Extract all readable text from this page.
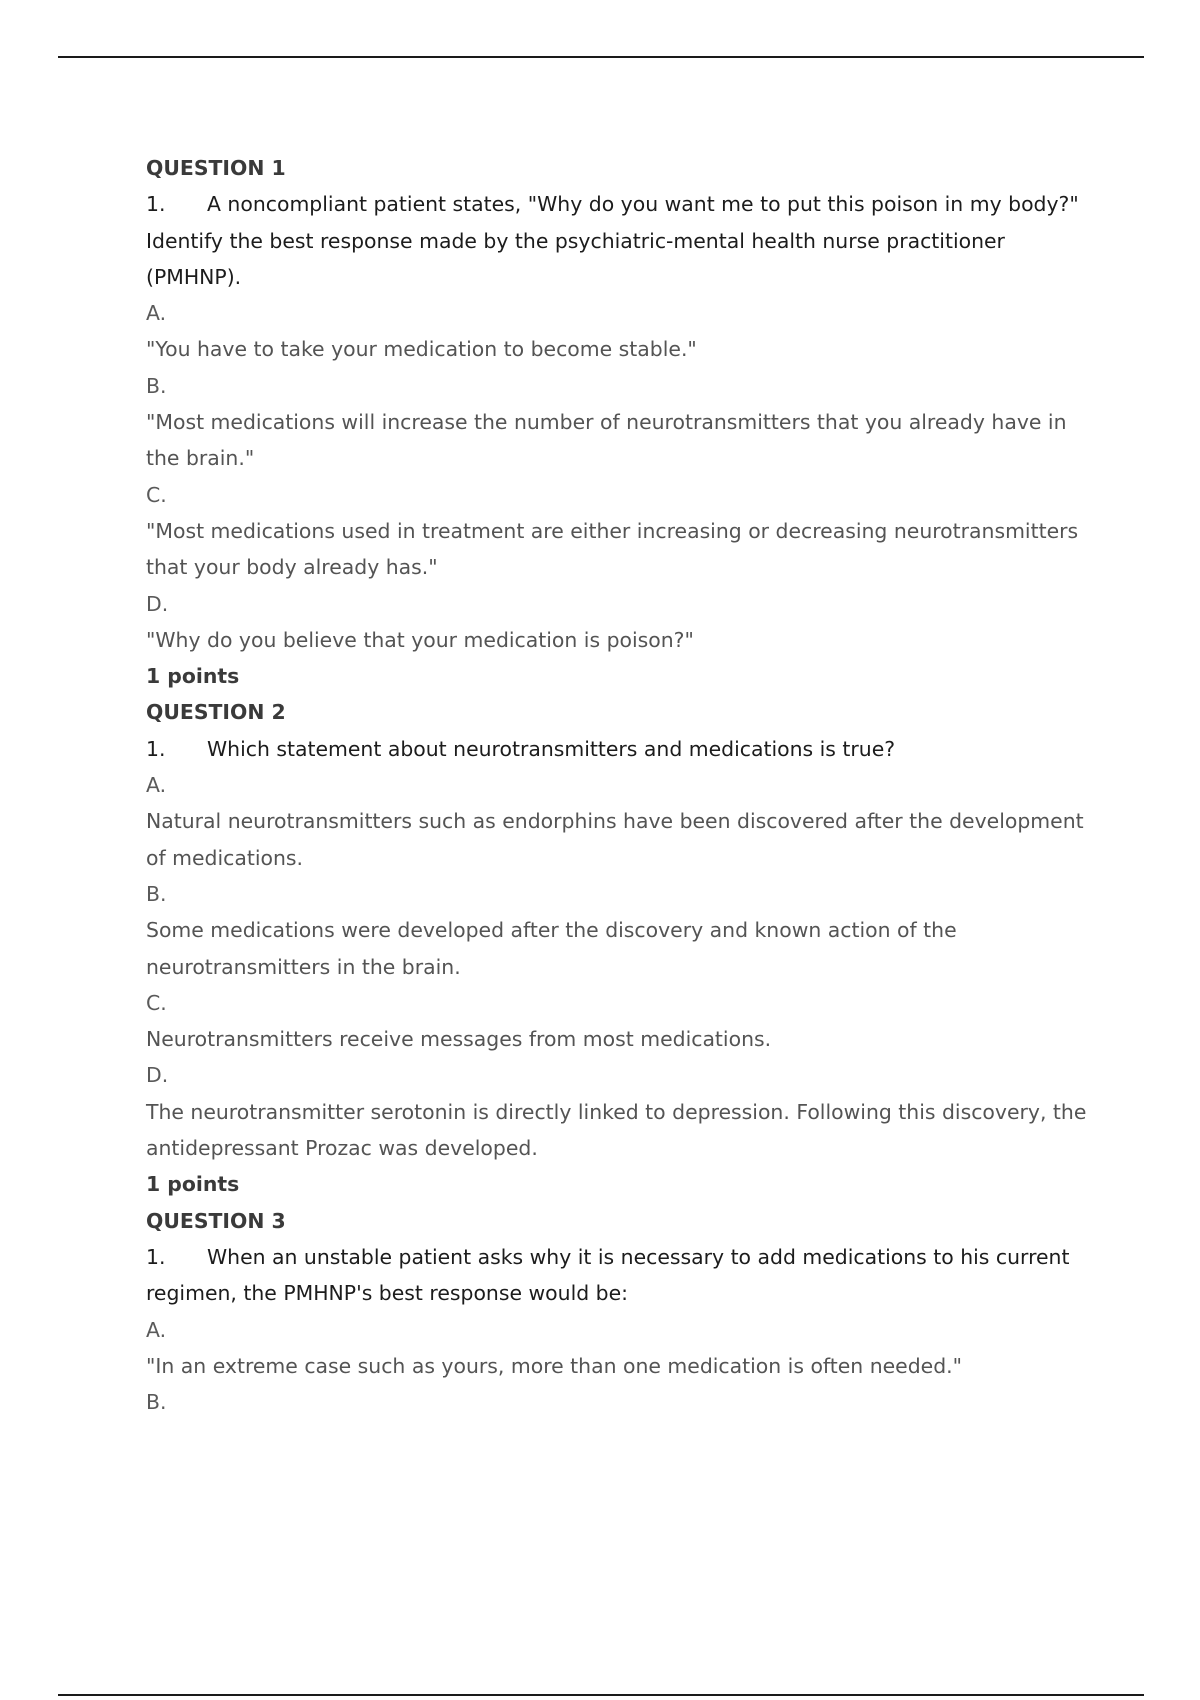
QUESTION 1

1. A noncompliant patient states, "Why do you want me to put this poison in my body?" Identify the best response made by the psychiatric-mental health nurse practitioner (PMHNP).

A.

"You have to take your medication to become stable."

B.

"Most medications will increase the number of neurotransmitters that you already have in the brain."

C.

"Most medications used in treatment are either increasing or decreasing neurotransmitters that your body already has."

D.

"Why do you believe that your medication is poison?"

1 points

QUESTION 2

1. Which statement about neurotransmitters and medications is true?

A.

Natural neurotransmitters such as endorphins have been discovered after the development of medications.

B.

Some medications were developed after the discovery and known action of the neurotransmitters in the brain.

C.

Neurotransmitters receive messages from most medications.

D.

The neurotransmitter serotonin is directly linked to depression. Following this discovery, the antidepressant Prozac was developed.

1 points

QUESTION 3

1. When an unstable patient asks why it is necessary to add medications to his current regimen, the PMHNP's best response would be:

A.

"In an extreme case such as yours, more than one medication is often needed."

B.
